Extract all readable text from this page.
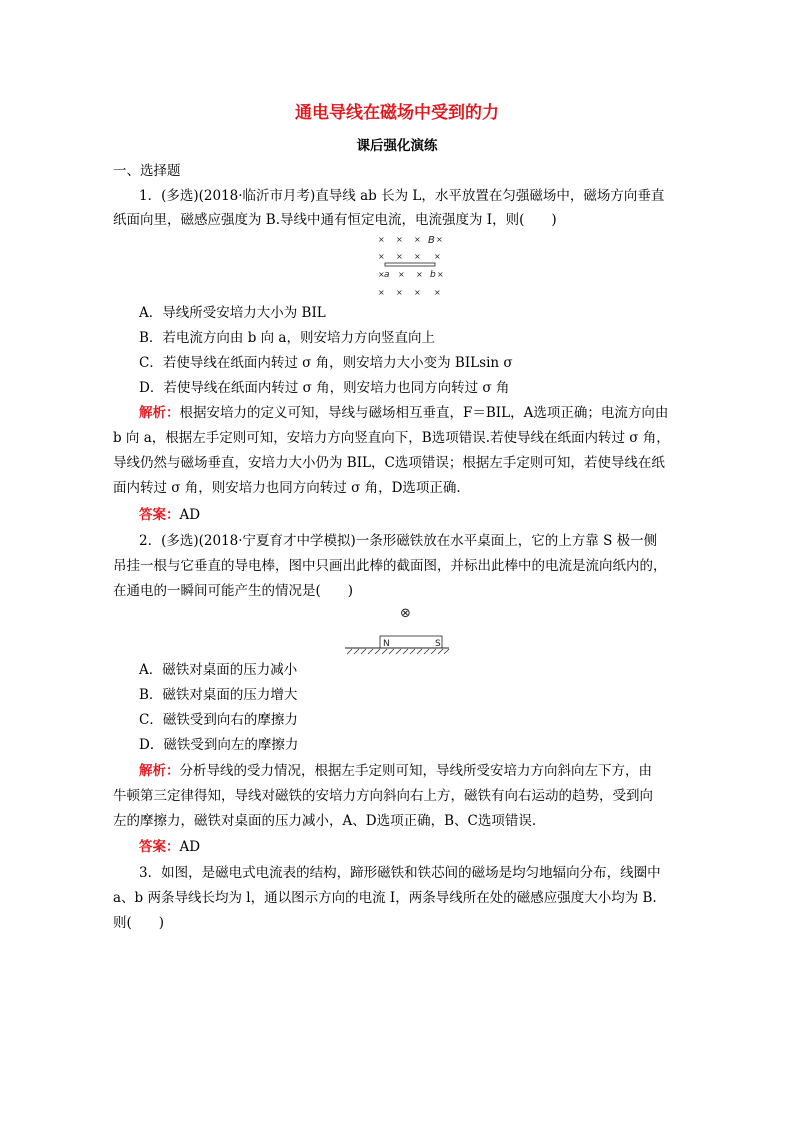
通电导线在磁场中受到的力
课后强化演练
一、选择题
1．(多选)(2018·临沂市月考)直导线 ab 长为 L，水平放置在匀强磁场中，磁场方向垂直
纸面向里，磁感应强度为 B.导线中通有恒定电流，电流强度为 I，则(　　)
× × × B ×
× × × ×
× a × × b ×
× × × ×
A．导线所受安培力大小为 BIL
B．若电流方向由 b 向 a，则安培力方向竖直向上
C．若使导线在纸面内转过 σ 角，则安培力大小变为 BILsin σ
D．若使导线在纸面内转过 σ 角，则安培力也同方向转过 σ 角
解析：根据安培力的定义可知，导线与磁场相互垂直，F＝BIL，A选项正确；电流方向由
b 向 a，根据左手定则可知，安培力方向竖直向下，B选项错误.若使导线在纸面内转过 σ 角，
导线仍然与磁场垂直，安培力大小仍为 BIL，C选项错误；根据左手定则可知，若使导线在纸
面内转过 σ 角，则安培力也同方向转过 σ 角，D选项正确.
答案：AD
2．(多选)(2018·宁夏育才中学模拟)一条形磁铁放在水平桌面上，它的上方靠 S 极一侧
吊挂一根与它垂直的导电棒，图中只画出此棒的截面图，并标出此棒中的电流是流向纸内的，
在通电的一瞬间可能产生的情况是(　　)
⊗
N	S
A．磁铁对桌面的压力减小
B．磁铁对桌面的压力增大
C．磁铁受到向右的摩擦力
D．磁铁受到向左的摩擦力
解析：分析导线的受力情况，根据左手定则可知，导线所受安培力方向斜向左下方，由
牛顿第三定律得知，导线对磁铁的安培力方向斜向右上方，磁铁有向右运动的趋势，受到向
左的摩擦力，磁铁对桌面的压力减小，A、D选项正确，B、C选项错误.
答案：AD
3．如图，是磁电式电流表的结构，蹄形磁铁和铁芯间的磁场是均匀地辐向分布，线圈中
a、b 两条导线长均为 l，通以图示方向的电流 I，两条导线所在处的磁感应强度大小均为 B.
则(　　)
